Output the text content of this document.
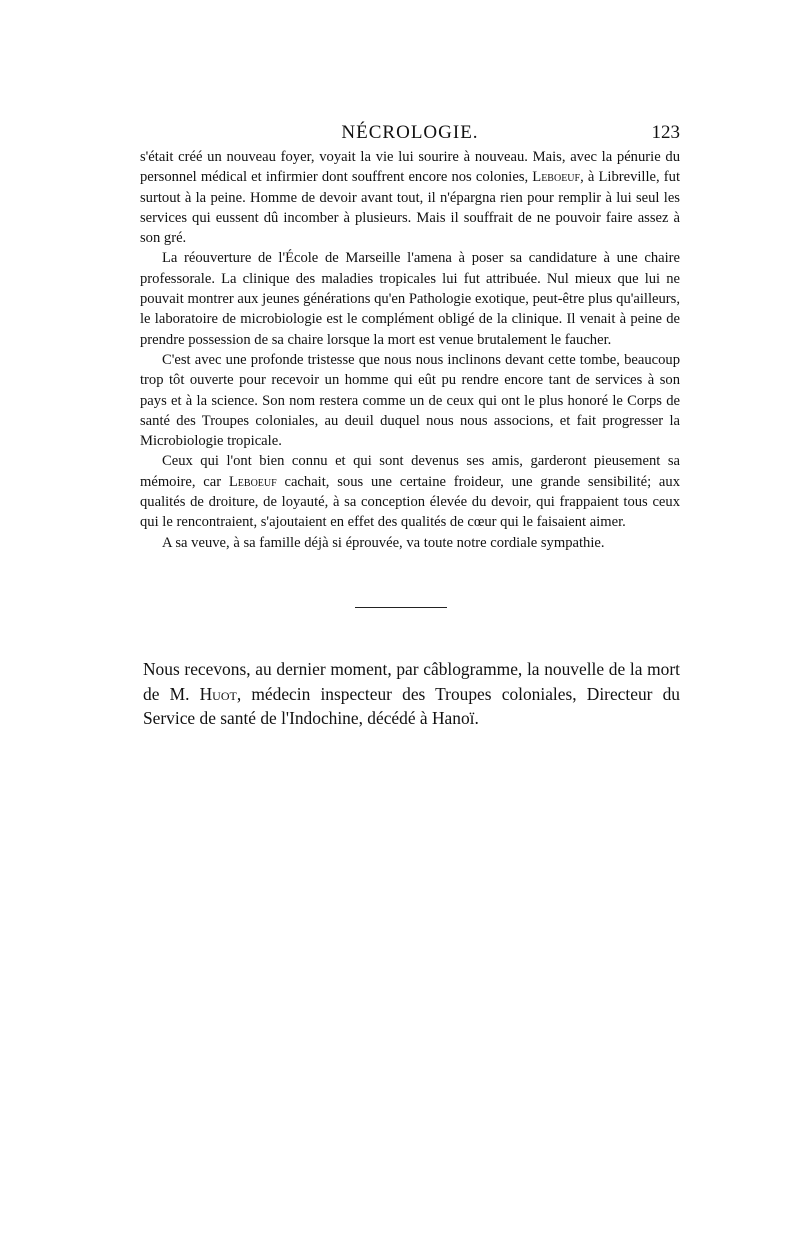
NÉCROLOGIE.	123

s'était créé un nouveau foyer, voyait la vie lui sourire à nouveau. Mais, avec la pénurie du personnel médical et infirmier dont souffrent encore nos colonies, Leboeuf, à Libreville, fut surtout à la peine. Homme de devoir avant tout, il n'épargna rien pour remplir à lui seul les services qui eussent dû incomber à plusieurs. Mais il souffrait de ne pouvoir faire assez à son gré.

La réouverture de l'École de Marseille l'amena à poser sa candidature à une chaire professorale. La clinique des maladies tropicales lui fut attribuée. Nul mieux que lui ne pouvait montrer aux jeunes générations qu'en Pathologie exotique, peut-être plus qu'ailleurs, le laboratoire de microbiologie est le complément obligé de la clinique. Il venait à peine de prendre possession de sa chaire lorsque la mort est venue brutalement le faucher.

C'est avec une profonde tristesse que nous nous inclinons devant cette tombe, beaucoup trop tôt ouverte pour recevoir un homme qui eût pu rendre encore tant de services à son pays et à la science. Son nom restera comme un de ceux qui ont le plus honoré le Corps de santé des Troupes coloniales, au deuil duquel nous nous associons, et fait progresser la Microbiologie tropicale.

Ceux qui l'ont bien connu et qui sont devenus ses amis, garderont pieusement sa mémoire, car Leboeuf cachait, sous une certaine froideur, une grande sensibilité; aux qualités de droiture, de loyauté, à sa conception élevée du devoir, qui frappaient tous ceux qui le rencontraient, s'ajoutaient en effet des qualités de cœur qui le faisaient aimer.

A sa veuve, à sa famille déjà si éprouvée, va toute notre cordiale sympathie.

Nous recevons, au dernier moment, par câblogramme, la nouvelle de la mort de M. Huot, médecin inspecteur des Troupes coloniales, Directeur du Service de santé de l'Indochine, décédé à Hanoï.
